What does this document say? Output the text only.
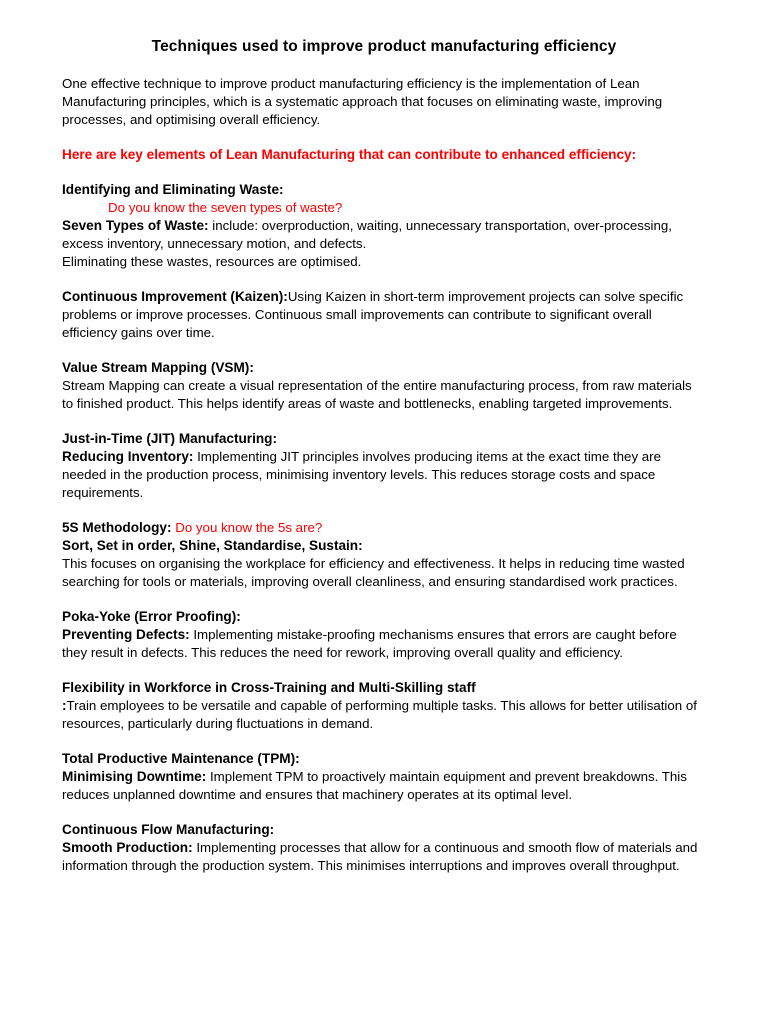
Techniques used to improve product manufacturing efficiency

One effective technique to improve product manufacturing efficiency is the implementation of Lean Manufacturing principles, which is a systematic approach that focuses on eliminating waste, improving processes, and optimising overall efficiency.

Here are key elements of Lean Manufacturing that can contribute to enhanced efficiency:

Identifying and Eliminating Waste:

Do you know the seven types of waste?

Seven Types of Waste: include: overproduction, waiting, unnecessary transportation, over-processing, excess inventory, unnecessary motion, and defects.

Eliminating these wastes, resources are optimised.

Continuous Improvement (Kaizen):Using Kaizen in short-term improvement projects can solve specific problems or improve processes. Continuous small improvements can contribute to significant overall efficiency gains over time.

Value Stream Mapping (VSM):

Stream Mapping can create a visual representation of the entire manufacturing process, from raw materials to finished product. This helps identify areas of waste and bottlenecks, enabling targeted improvements.

Just-in-Time (JIT) Manufacturing:

Reducing Inventory: Implementing JIT principles involves producing items at the exact time they are needed in the production process, minimising inventory levels. This reduces storage costs and space requirements.

5S Methodology: Do you know the 5s are?

Sort, Set in order, Shine, Standardise, Sustain:

This focuses on organising the workplace for efficiency and effectiveness. It helps in reducing time wasted searching for tools or materials, improving overall cleanliness, and ensuring standardised work practices.

Poka-Yoke (Error Proofing):

Preventing Defects: Implementing mistake-proofing mechanisms ensures that errors are caught before they result in defects. This reduces the need for rework, improving overall quality and efficiency.

Flexibility in Workforce in Cross-Training and Multi-Skilling staff

:Train employees to be versatile and capable of performing multiple tasks. This allows for better utilisation of resources, particularly during fluctuations in demand.

Total Productive Maintenance (TPM):

Minimising Downtime: Implement TPM to proactively maintain equipment and prevent breakdowns. This reduces unplanned downtime and ensures that machinery operates at its optimal level.

Continuous Flow Manufacturing:

Smooth Production: Implementing processes that allow for a continuous and smooth flow of materials and information through the production system. This minimises interruptions and improves overall throughput.
